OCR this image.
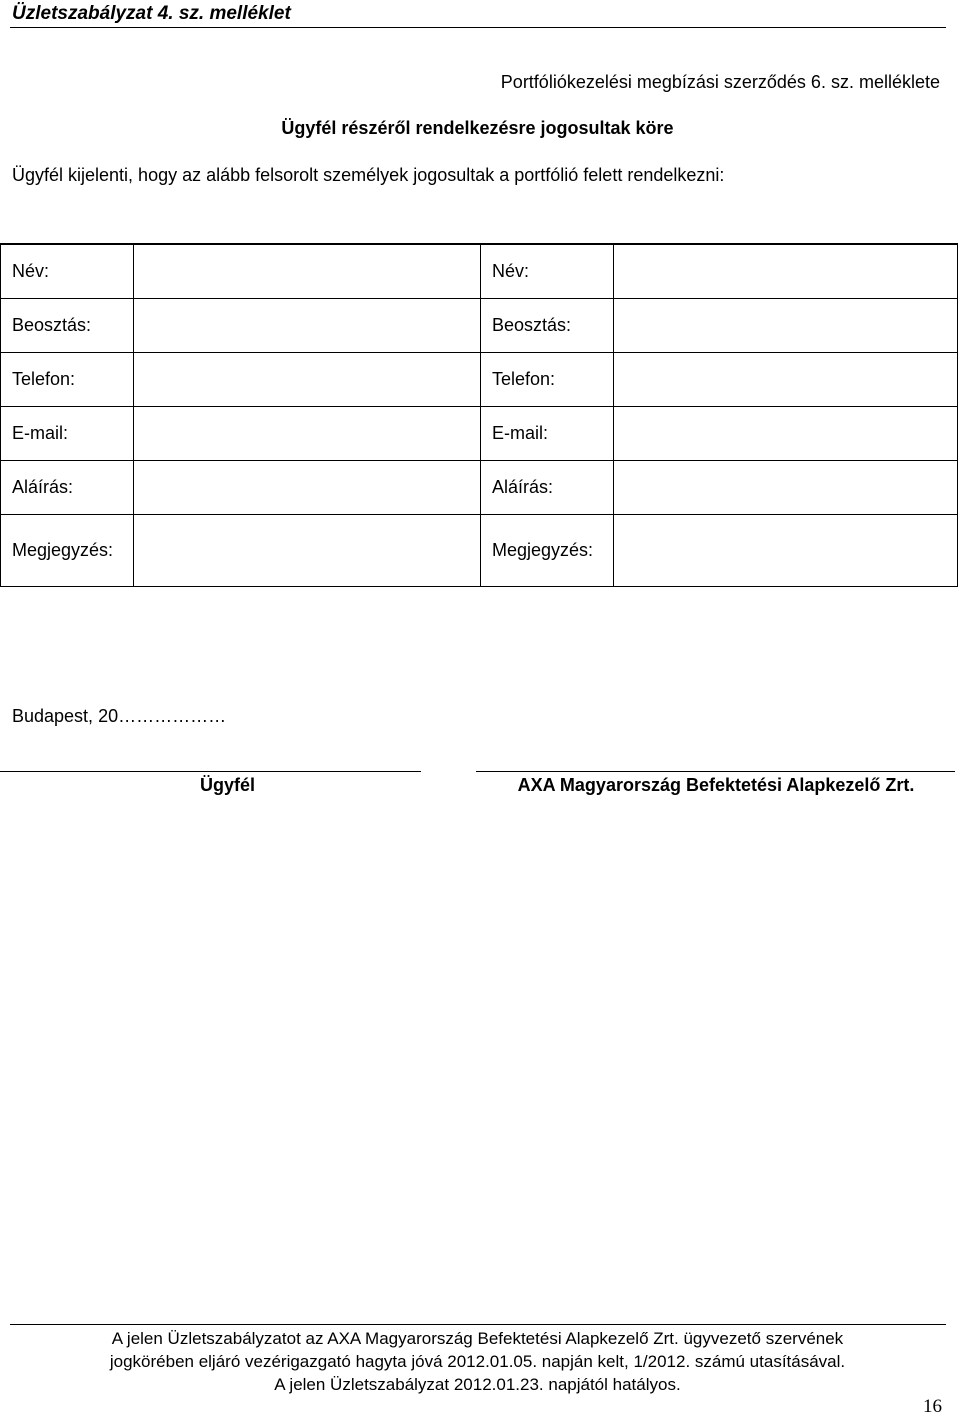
Üzletszabályzat 4. sz. melléklet
Portfóliókezelési megbízási szerződés 6. sz. melléklete
Ügyfél részéről rendelkezésre jogosultak köre
Ügyfél kijelenti, hogy az alább felsorolt személyek jogosultak a portfólió felett rendelkezni:
Név:		Név:	
Beosztás:		Beosztás:	
Telefon:		Telefon:	
E-mail:		E-mail:	
Aláírás:		Aláírás:	
Megjegyzés:		Megjegyzés:	
Budapest, 20………………
Ügyfél	AXA Magyarország Befektetési Alapkezelő Zrt.
A jelen Üzletszabályzatot az AXA Magyarország Befektetési Alapkezelő Zrt. ügyvezető szervének
jogkörében eljáró vezérigazgató hagyta jóvá 2012.01.05. napján kelt, 1/2012. számú utasításával.
A jelen Üzletszabályzat 2012.01.23. napjától hatályos.
16
